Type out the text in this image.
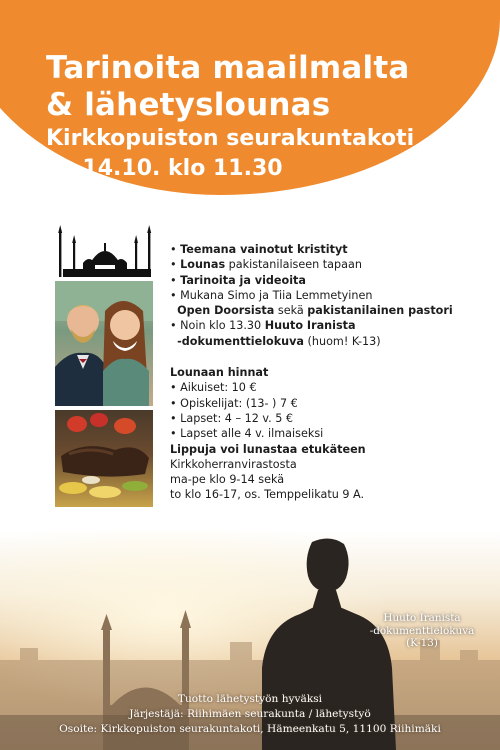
Tarinoita maailmalta
& lähetyslounas
Kirkkopuiston seurakuntakoti
su 14.10. klo 11.30
• Teemana vainotut kristityt
• Lounas pakistanilaiseen tapaan
• Tarinoita ja videoita
• Mukana Simo ja Tiia Lemmetyinen
Open Doorsista sekä pakistanilainen pastori
• Noin klo 13.30 Huuto Iranista
-dokumenttielokuva (huom! K-13)
Lounaan hinnat
• Aikuiset: 10 €
• Opiskelijat: (13- ) 7 €
• Lapset: 4 – 12 v. 5 €
• Lapset alle 4 v. ilmaiseksi
Lippuja voi lunastaa etukäteen
Kirkkoherranvirastosta
ma-pe klo 9-14 sekä
to klo 16-17, os. Temppelikatu 9 A.
Huuto Iranista
-dokumenttielokuva
(K-13)
Tuotto lähetystyön hyväksi
Järjestäjä: Riihimäen seurakunta / lähetystyö
Osoite: Kirkkopuiston seurakuntakoti, Hämeenkatu 5, 11100 Riihimäki
